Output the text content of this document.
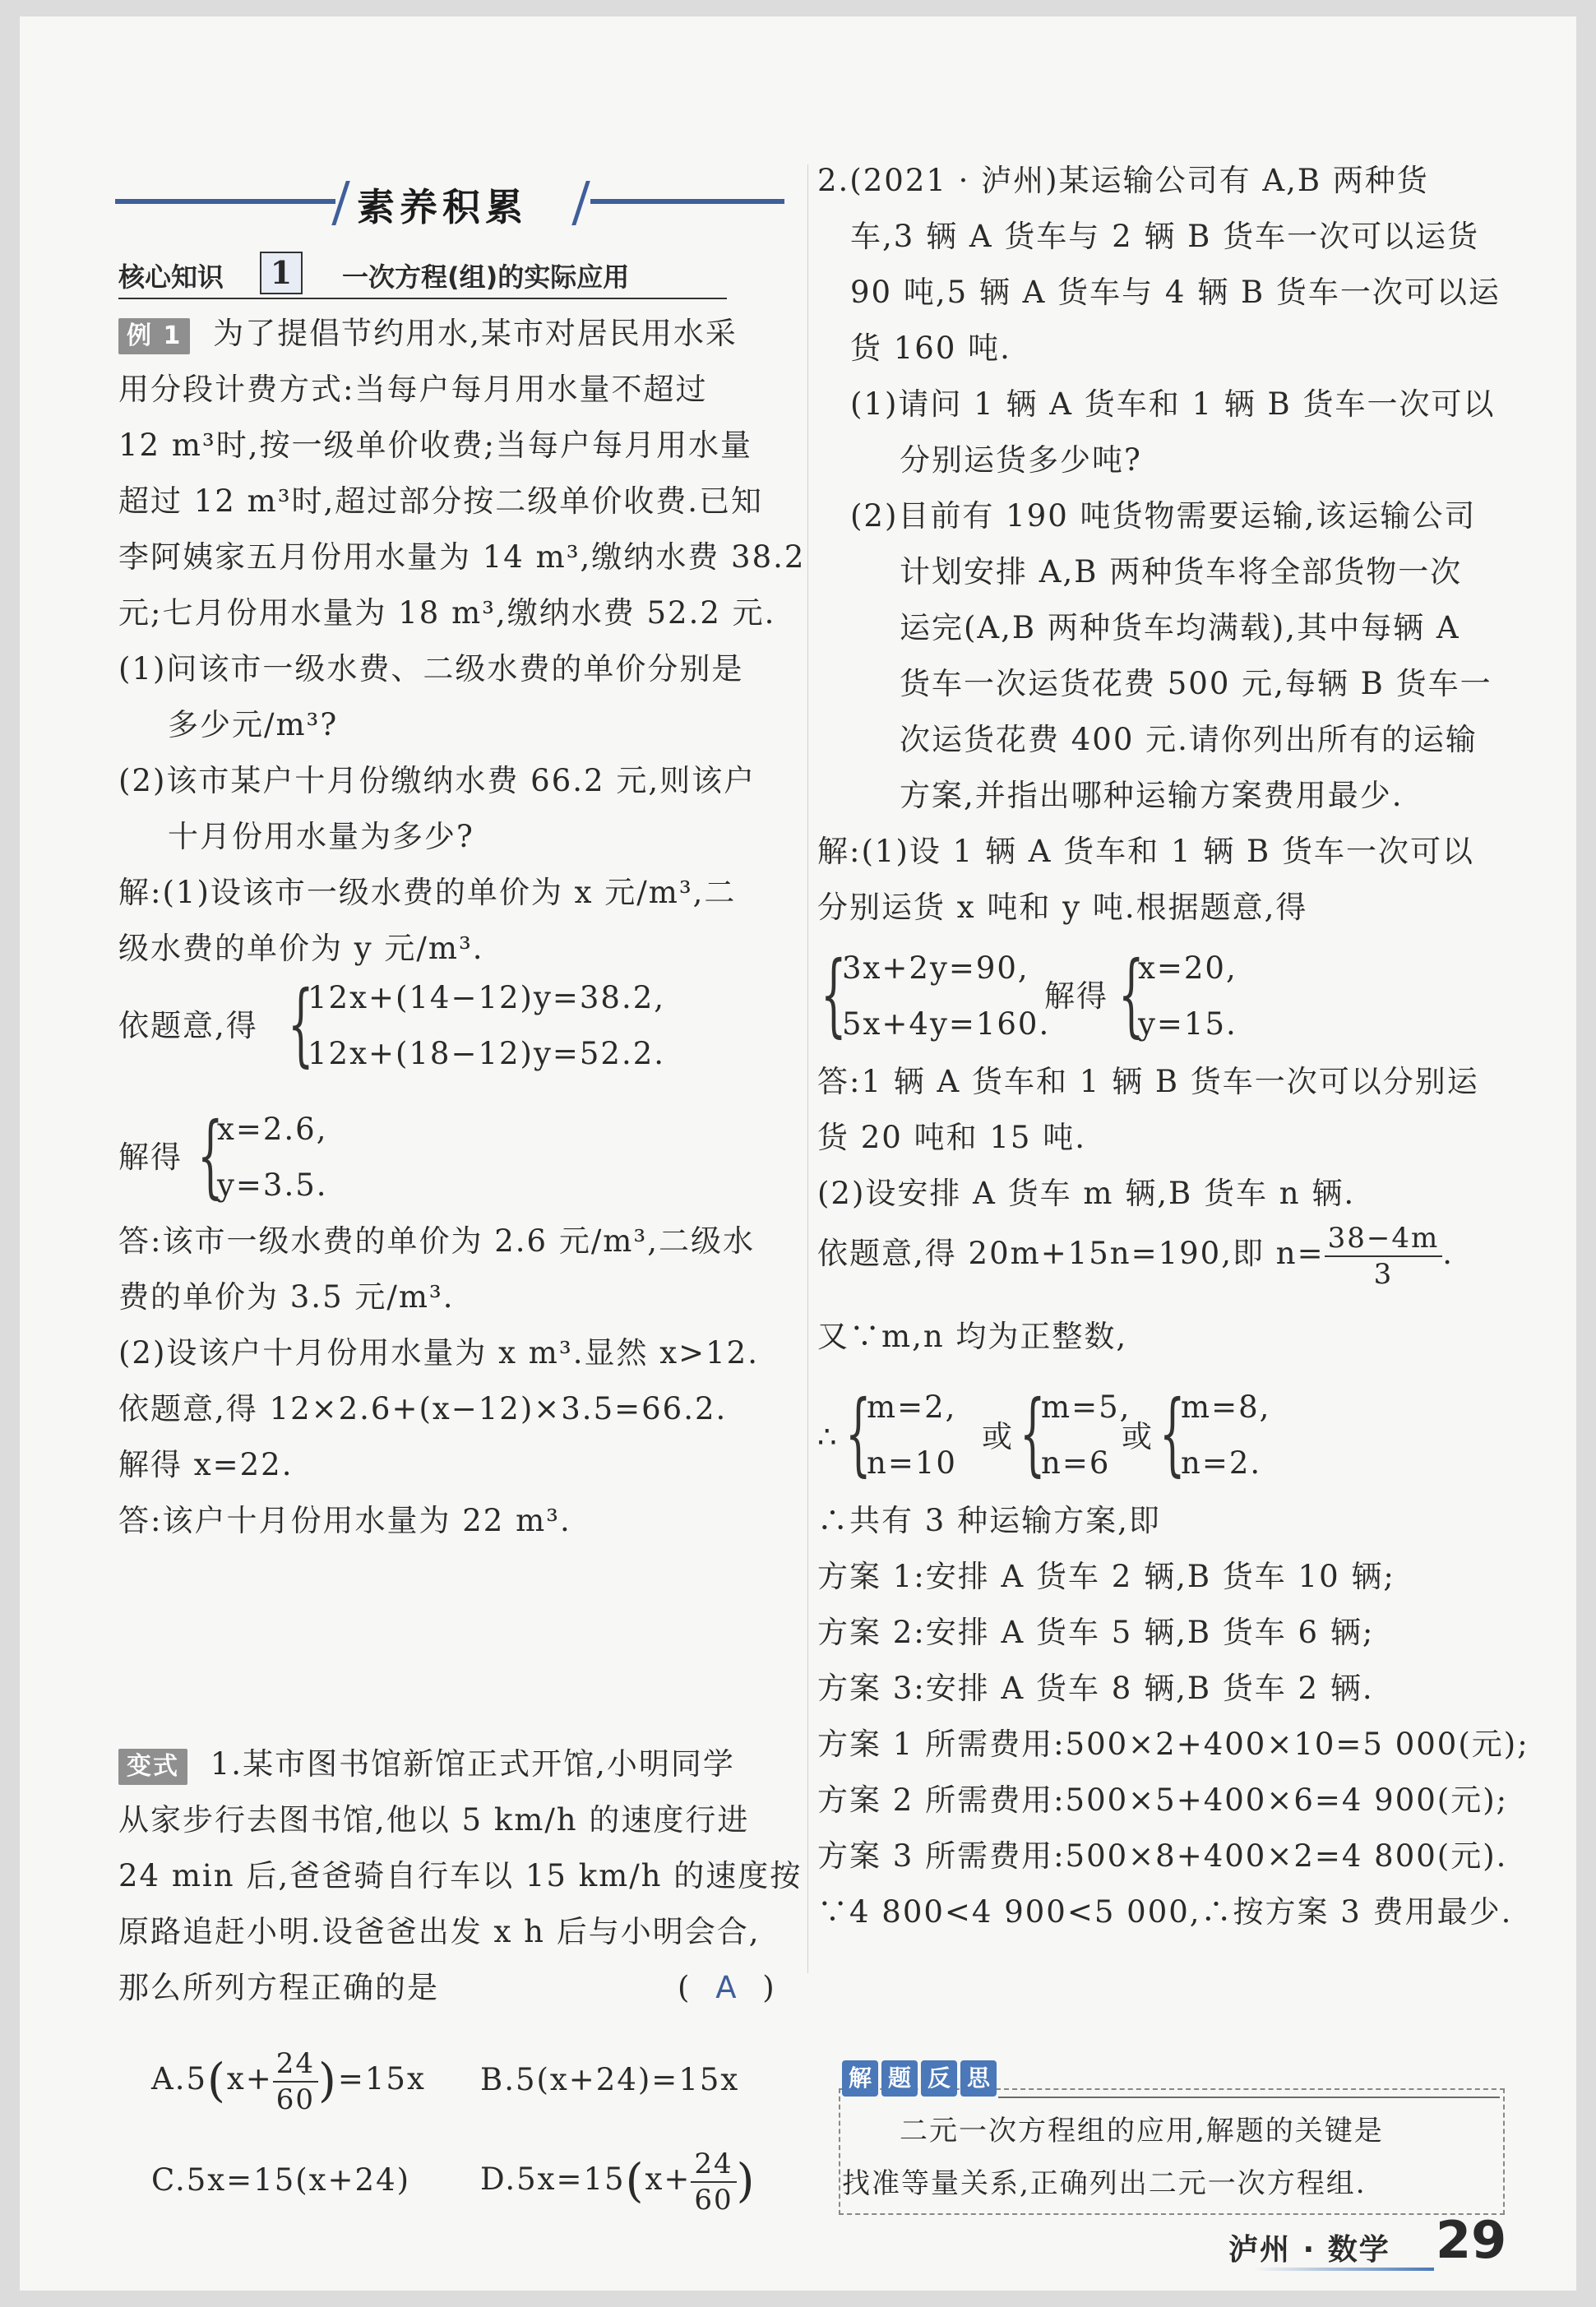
素养积累
核心知识	1	一次方程(组)的实际应用
例 1 为了提倡节约用水,某市对居民用水采
用分段计费方式:当每户每月用水量不超过
12 m³时,按一级单价收费;当每户每月用水量
超过 12 m³时,超过部分按二级单价收费.已知
李阿姨家五月份用水量为 14 m³,缴纳水费 38.2
元;七月份用水量为 18 m³,缴纳水费 52.2 元.
(1)问该市一级水费、二级水费的单价分别是
多少元/m³?
(2)该市某户十月份缴纳水费 66.2 元,则该户
十月份用水量为多少?
解:(1)设该市一级水费的单价为 x 元/m³,二
级水费的单价为 y 元/m³.
依题意,得 {
12x+(14−12)y=38.2,
12x+(18−12)y=52.2.
解得 {
x=2.6,
y=3.5.
答:该市一级水费的单价为 2.6 元/m³,二级水
费的单价为 3.5 元/m³.
(2)设该户十月份用水量为 x m³.显然 x>12.
依题意,得 12×2.6+(x−12)×3.5=66.2.
解得 x=22.
答:该户十月份用水量为 22 m³.
变式 1.某市图书馆新馆正式开馆,小明同学
从家步行去图书馆,他以 5 km/h 的速度行进
24 min 后,爸爸骑自行车以 15 km/h 的速度按
原路追赶小明.设爸爸出发 x h 后与小明会合,
那么所列方程正确的是	( A )
$A.5(x+ \frac{24}{60} )=15x$ B.5(x+24)=15x
C.5x=15(x+24) $D.5x=15(x+ \frac{24}{60}$ )
2.(2021 · 泸州)某运输公司有 A,B 两种货
车,3 辆 A 货车与 2 辆 B 货车一次可以运货
90 吨,5 辆 A 货车与 4 辆 B 货车一次可以运
货 160 吨.
(1)请问 1 辆 A 货车和 1 辆 B 货车一次可以
分别运货多少吨?
(2)目前有 190 吨货物需要运输,该运输公司
计划安排 A,B 两种货车将全部货物一次
运完(A,B 两种货车均满载),其中每辆 A
货车一次运货花费 500 元,每辆 B 货车一
次运货花费 400 元.请你列出所有的运输
方案,并指出哪种运输方案费用最少.
解:(1)设 1 辆 A 货车和 1 辆 B 货车一次可以
分别运货 x 吨和 y 吨.根据题意,得
{
3x+2y=90,
5x+4y=160.
解得 {
x=20,
y=15.
答:1 辆 A 货车和 1 辆 B 货车一次可以分别运
货 20 吨和 15 吨.
(2)设安排 A 货车 m 辆,B 货车 n 辆.
依题意,得 20m+15n=190,即 $n= \frac{38-4m}{3}$ .
又∵m,n 均为正整数,
∴ {
m=2,
n=10
或 {
m=5,
n=6
或 {
m=8,
n=2.
∴共有 3 种运输方案,即
方案 1:安排 A 货车 2 辆,B 货车 10 辆;
方案 2:安排 A 货车 5 辆,B 货车 6 辆;
方案 3:安排 A 货车 8 辆,B 货车 2 辆.
方案 1 所需费用:500×2+400×10=5 000(元);
方案 2 所需费用:500×5+400×6=4 900(元);
方案 3 所需费用:500×8+400×2=4 800(元).
∵4 800<4 900<5 000,∴按方案 3 费用最少.
解 题 反 思
二元一次方程组的应用,解题的关键是
找准等量关系,正确列出二元一次方程组.
泸州 · 数学 29
